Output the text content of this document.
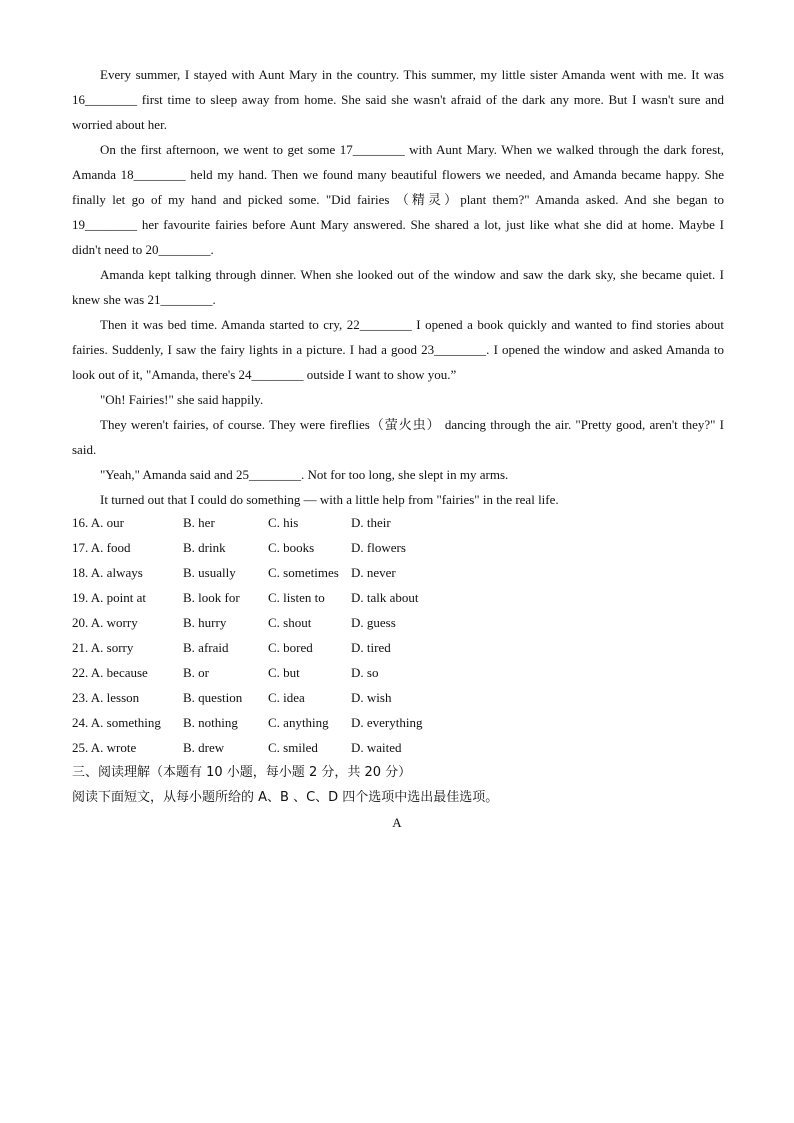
Every summer, I stayed with Aunt Mary in the country. This summer, my little sister Amanda went with me. It was 16________ first time to sleep away from home. She said she wasn't afraid of the dark any more. But I wasn't sure and worried about her.

On the first afternoon, we went to get some 17________ with Aunt Mary. When we walked through the dark forest, Amanda 18________ held my hand. Then we found many beautiful flowers we needed, and Amanda became happy. She finally let go of my hand and picked some. "Did fairies （精灵）plant them?" Amanda asked. And she began to 19________ her favourite fairies before Aunt Mary answered. She shared a lot, just like what she did at home. Maybe I didn't need to 20________.

Amanda kept talking through dinner. When she looked out of the window and saw the dark sky, she became quiet. I knew she was 21________.

Then it was bed time. Amanda started to cry, 22________ I opened a book quickly and wanted to find stories about fairies. Suddenly, I saw the fairy lights in a picture. I had a good 23________. I opened the window and asked Amanda to look out of it, "Amanda, there's 24________ outside I want to show you.”

"Oh! Fairies!" she said happily.

They weren't fairies, of course. They were fireflies（萤火虫） dancing through the air. "Pretty good, aren't they?" I said.

"Yeah," Amanda said and 25________. Not for too long, she slept in my arms.

It turned out that I could do something — with a little help from "fairies" in the real life.

16. A. our	B. her	C. his	D. their
17. A. food	B. drink	C. books	D. flowers
18. A. always	B. usually C. sometimes D. never
19. A. point at	B. look for C. listen to D. talk about
20. A. worry	B. hurry	C. shout	D. guess
21. A. sorry	B. afraid	C. bored	D. tired
22. A. because	B. or	C. but	D. so
23. A. lesson	B. question C. idea	D. wish
24. A. something B. nothing C. anything D. everything
25. A. wrote	B. drew	C. smiled	D. waited
三、阅读理解（本题有 10 小题，每小题 2 分，共 20 分）
阅读下面短文，从每小题所给的 A、B 、C、D 四个选项中选出最佳选项。
A
